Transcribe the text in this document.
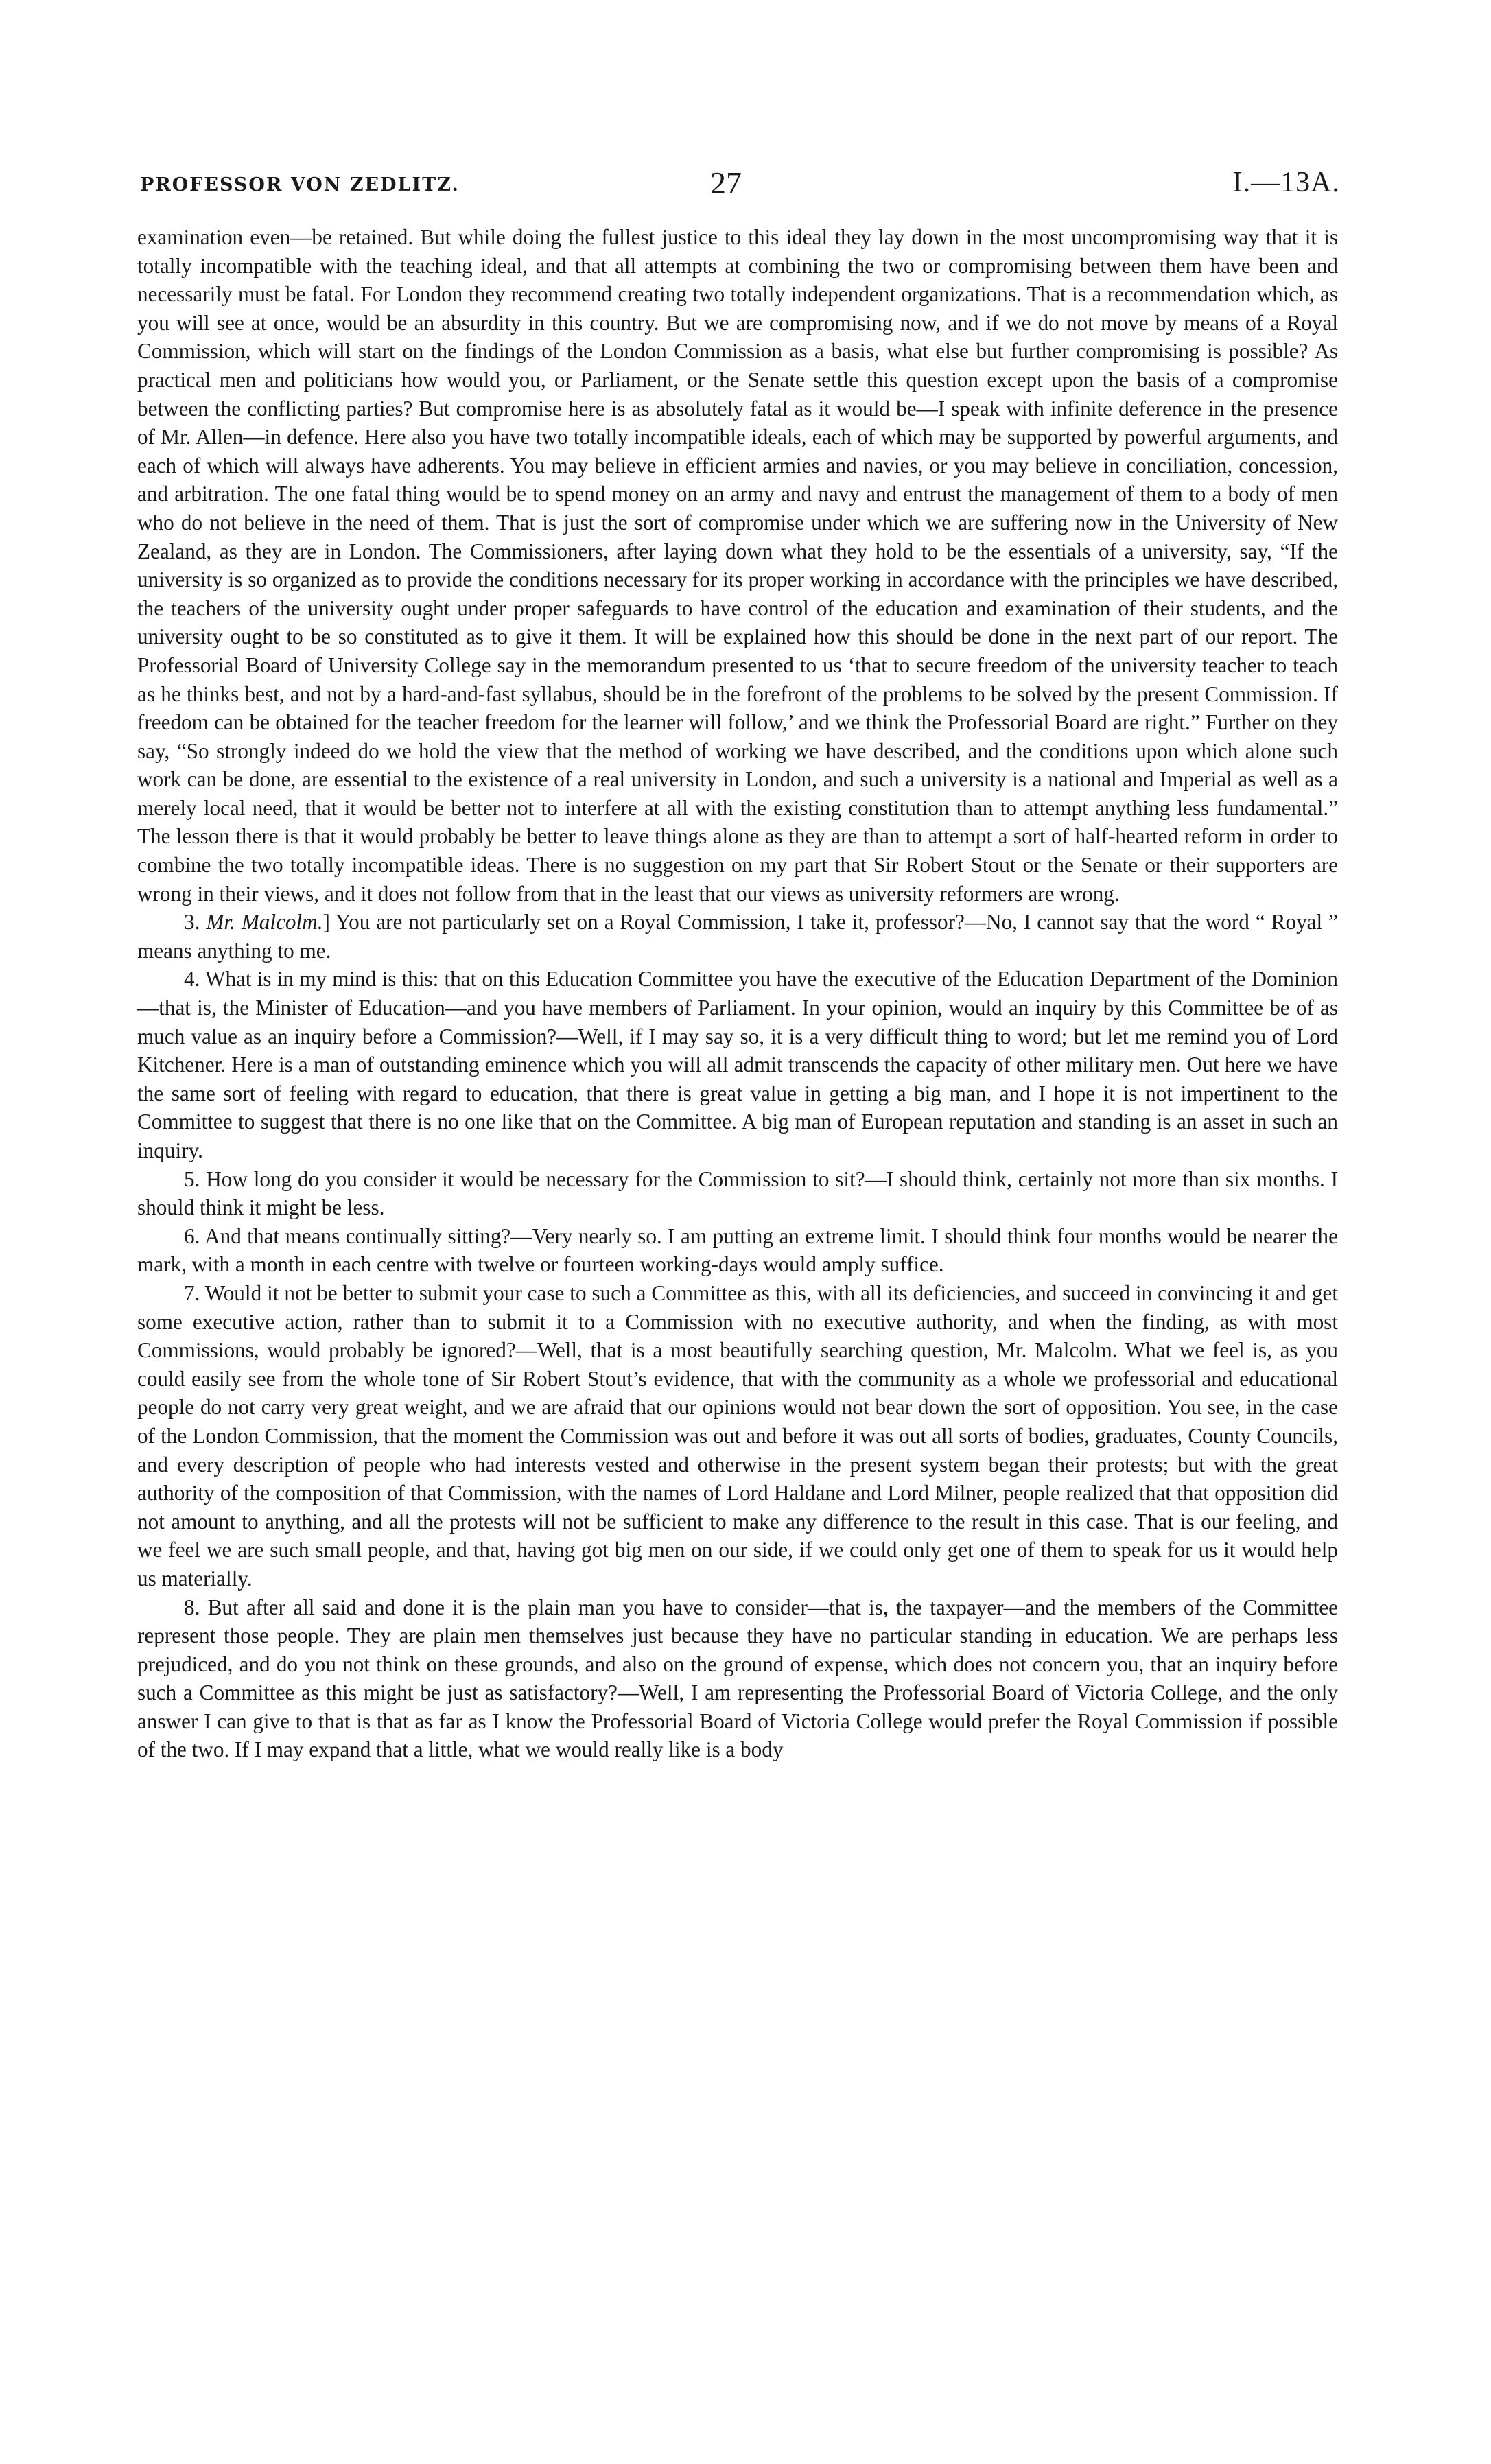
PROFESSOR VON ZEDLITZ.	27	I.—13A.

examination even—be retained. But while doing the fullest justice to this ideal they lay down in the most uncompromising way that it is totally incompatible with the teaching ideal, and that all attempts at combining the two or compromising between them have been and necessarily must be fatal. For London they recommend creating two totally independent organizations. That is a recommendation which, as you will see at once, would be an absurdity in this country. But we are compromising now, and if we do not move by means of a Royal Commission, which will start on the findings of the London Commission as a basis, what else but further compromising is possible? As practical men and politicians how would you, or Parliament, or the Senate settle this question except upon the basis of a compromise between the conflicting parties? But compromise here is as absolutely fatal as it would be—I speak with infinite deference in the presence of Mr. Allen—in defence. Here also you have two totally incompatible ideals, each of which may be supported by powerful arguments, and each of which will always have adherents. You may believe in efficient armies and navies, or you may believe in conciliation, concession, and arbitration. The one fatal thing would be to spend money on an army and navy and entrust the management of them to a body of men who do not believe in the need of them. That is just the sort of compromise under which we are suffering now in the University of New Zealand, as they are in London. The Commissioners, after laying down what they hold to be the essentials of a university, say, “If the university is so organized as to provide the conditions necessary for its proper working in accordance with the principles we have described, the teachers of the university ought under proper safeguards to have control of the education and examination of their students, and the university ought to be so constituted as to give it them. It will be explained how this should be done in the next part of our report. The Professorial Board of University College say in the memorandum presented to us ‘that to secure freedom of the university teacher to teach as he thinks best, and not by a hard-and-fast syllabus, should be in the forefront of the problems to be solved by the present Commission. If freedom can be obtained for the teacher freedom for the learner will follow,’ and we think the Professorial Board are right.” Further on they say, “So strongly indeed do we hold the view that the method of working we have described, and the conditions upon which alone such work can be done, are essential to the existence of a real university in London, and such a university is a national and Imperial as well as a merely local need, that it would be better not to interfere at all with the existing constitution than to attempt anything less fundamental.” The lesson there is that it would probably be better to leave things alone as they are than to attempt a sort of half-hearted reform in order to combine the two totally incompatible ideas. There is no suggestion on my part that Sir Robert Stout or the Senate or their supporters are wrong in their views, and it does not follow from that in the least that our views as university reformers are wrong.

3. Mr. Malcolm.] You are not particularly set on a Royal Commission, I take it, professor?—No, I cannot say that the word “ Royal ” means anything to me.

4. What is in my mind is this: that on this Education Committee you have the executive of the Education Department of the Dominion—that is, the Minister of Education—and you have members of Parliament. In your opinion, would an inquiry by this Committee be of as much value as an inquiry before a Commission?—Well, if I may say so, it is a very difficult thing to word; but let me remind you of Lord Kitchener. Here is a man of outstanding eminence which you will all admit transcends the capacity of other military men. Out here we have the same sort of feeling with regard to education, that there is great value in getting a big man, and I hope it is not impertinent to the Committee to suggest that there is no one like that on the Committee. A big man of European reputation and standing is an asset in such an inquiry.

5. How long do you consider it would be necessary for the Commission to sit?—I should think, certainly not more than six months. I should think it might be less.

6. And that means continually sitting?—Very nearly so. I am putting an extreme limit. I should think four months would be nearer the mark, with a month in each centre with twelve or fourteen working-days would amply suffice.

7. Would it not be better to submit your case to such a Committee as this, with all its deficiencies, and succeed in convincing it and get some executive action, rather than to submit it to a Commission with no executive authority, and when the finding, as with most Commissions, would probably be ignored?—Well, that is a most beautifully searching question, Mr. Malcolm. What we feel is, as you could easily see from the whole tone of Sir Robert Stout’s evidence, that with the community as a whole we professorial and educational people do not carry very great weight, and we are afraid that our opinions would not bear down the sort of opposition. You see, in the case of the London Commission, that the moment the Commission was out and before it was out all sorts of bodies, graduates, County Councils, and every description of people who had interests vested and otherwise in the present system began their protests; but with the great authority of the composition of that Commission, with the names of Lord Haldane and Lord Milner, people realized that that opposition did not amount to anything, and all the protests will not be sufficient to make any difference to the result in this case. That is our feeling, and we feel we are such small people, and that, having got big men on our side, if we could only get one of them to speak for us it would help us materially.

8. But after all said and done it is the plain man you have to consider—that is, the taxpayer—and the members of the Committee represent those people. They are plain men themselves just because they have no particular standing in education. We are perhaps less prejudiced, and do you not think on these grounds, and also on the ground of expense, which does not concern you, that an inquiry before such a Committee as this might be just as satisfactory?—Well, I am representing the Professorial Board of Victoria College, and the only answer I can give to that is that as far as I know the Professorial Board of Victoria College would prefer the Royal Commission if possible of the two. If I may expand that a little, what we would really like is a body
